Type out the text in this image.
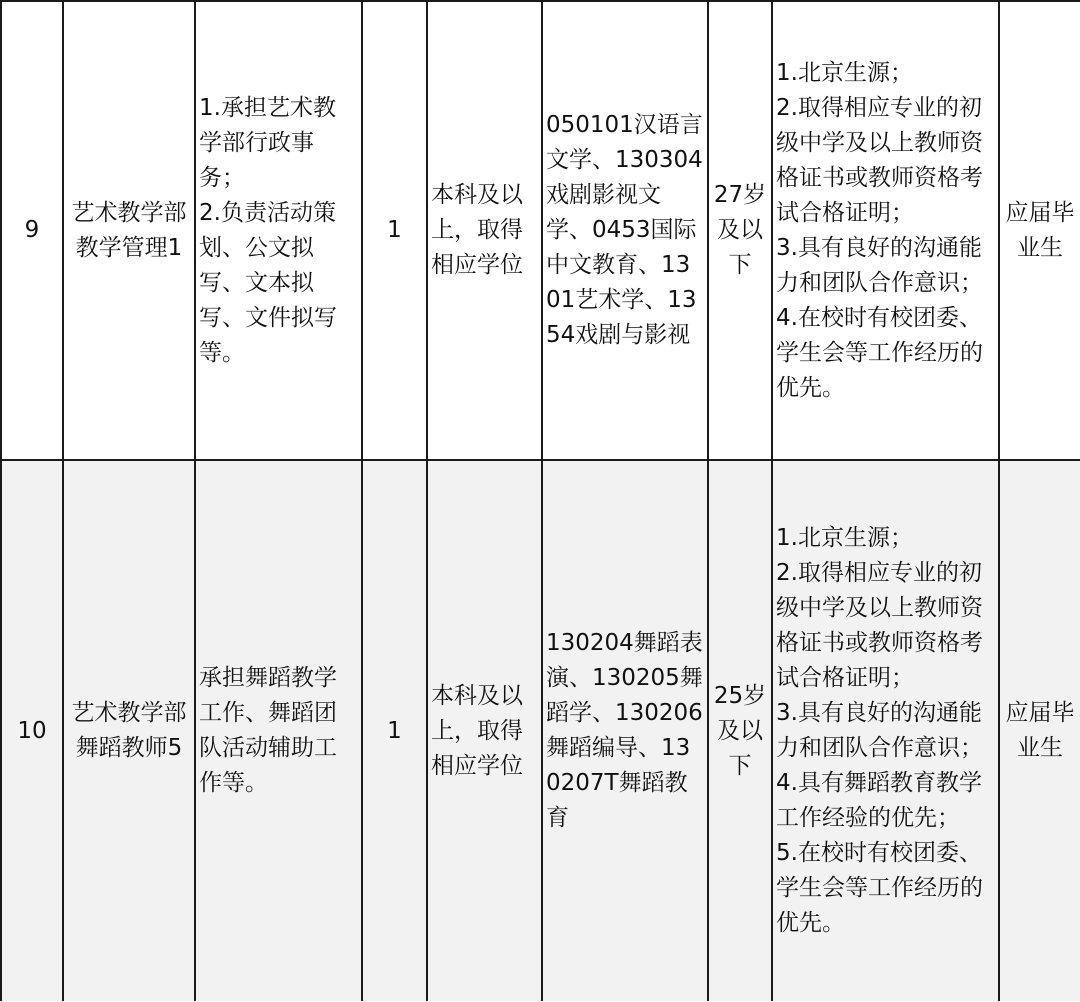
9	艺术教学部教学管理1	1.承担艺术教学部行政事务；
2.负责活动策划、公文拟写、文本拟写、文件拟写等。	1	本科及以上，取得相应学位	050101汉语言文学、130304戏剧影视文学、0453国际中文教育、1301艺术学、1354戏剧与影视	27岁及以下	1.北京生源；
2.取得相应专业的初级中学及以上教师资格证书或教师资格考试合格证明；
3.具有良好的沟通能力和团队合作意识；
4.在校时有校团委、学生会等工作经历的优先。	应届毕业生
10	艺术教学部舞蹈教师5	承担舞蹈教学工作、舞蹈团队活动辅助工作等。	1	本科及以上，取得相应学位	130204舞蹈表演、130205舞蹈学、130206舞蹈编导、130207T舞蹈教育	25岁及以下	1.北京生源；
2.取得相应专业的初级中学及以上教师资格证书或教师资格考试合格证明；
3.具有良好的沟通能力和团队合作意识；
4.具有舞蹈教育教学工作经验的优先；
5.在校时有校团委、学生会等工作经历的优先。	应届毕业生
